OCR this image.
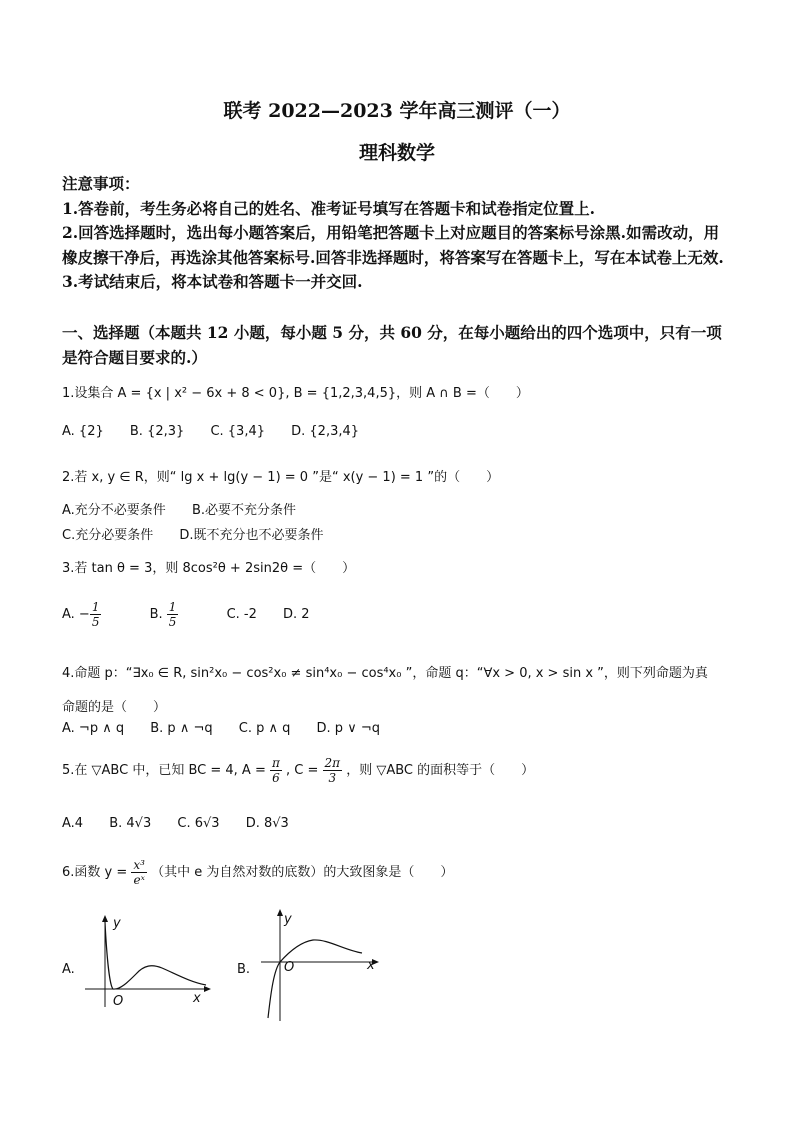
联考 2022—2023 学年高三测评（一）
理科数学

注意事项：

1.答卷前，考生务必将自己的姓名、准考证号填写在答题卡和试卷指定位置上.

2.回答选择题时，选出每小题答案后，用铅笔把答题卡上对应题目的答案标号涂黑.如需改动，用橡皮擦干净后，再选涂其他答案标号.回答非选择题时，将答案写在答题卡上，写在本试卷上无效.

3.考试结束后，将本试卷和答题卡一并交回.

一、选择题（本题共 12 小题，每小题 5 分，共 60 分，在每小题给出的四个选项中，只有一项是符合题目要求的.）
1.设集合 A = {x | x² − 6x + 8 < 0}, B = {1,2,3,4,5}，则 A ∩ B =（　　）
A. {2} B. {2,3} C. {3,4} D. {2,3,4}
2.若 x, y ∈ R，则“ lg x + lg(y − 1) = 0 ”是“ x(y − 1) = 1 ”的（　　）
A.充分不必要条件 B.必要不充分条件
C.充分必要条件 D.既不充分也不必要条件
3.若 tan θ = 3，则 8cos²θ + 2sin2θ =（　　）
A. − $\frac{1}{5} B$. $\frac{1}{5} C$. -2 D. 2
4.命题 p：“∃x₀ ∈ R, sin²x₀ − cos²x₀ ≠ sin⁴x₀ − cos⁴x₀ ”，命题 q：“∀x > 0, x > sin x ”，则下列命题为真
命题的是（　　）
A. ¬p ∧ q B. p ∧ ¬q C. p ∧ q D. p ∨ ¬q
5.在 ▽ABC 中，已知 BC = 4, $A = \frac{\pi}{6}$ , $C = \frac{2\pi}{3}$ ，则 ▽ABC 的面积等于（　　）
A.4 B. 4√3 C. 6√3 D. 8√3
6.函数 $y = \frac{\text{x³}}{\text{eˣ}}$ （其中 e 为自然对数的底数）的大致图象是（　　）
A.
y
O	x
B.
y
O	x
